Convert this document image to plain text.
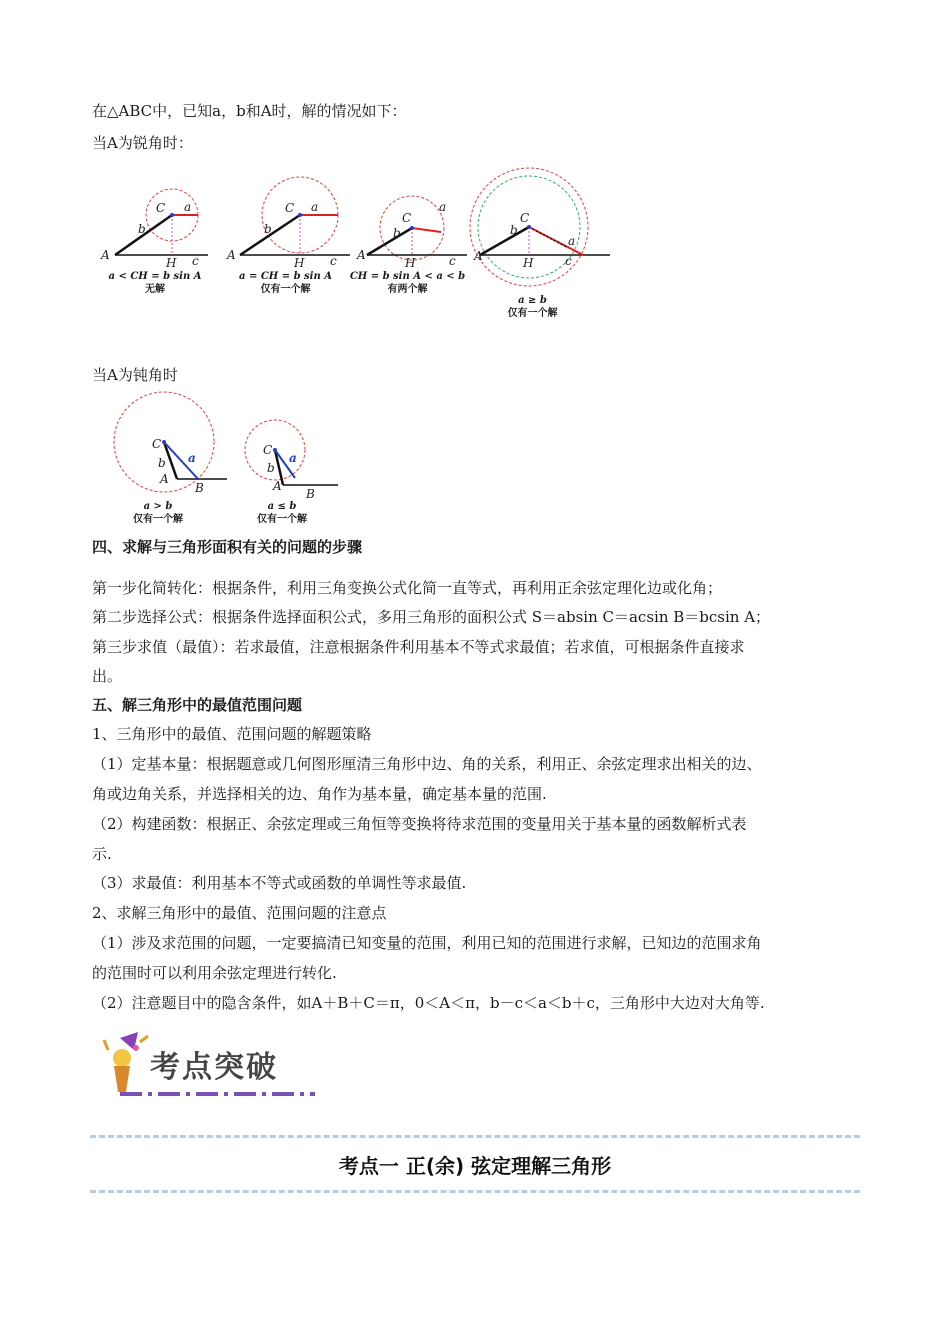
在△ABC中，已知a，b和A时，解的情况如下：
当A为锐角时：
C a
b
A
H c
a < CH = b sin A
无解
C a
b
A
H c
a = CH = b sin A
仅有一个解
C
a
b
A
H	c
CH = b sin A < a < b
有两个解
C
a
b
A	H	c
a ≥ b
仅有一个解
当A为钝角时
C
a
b
A
B
a > b
仅有一个解
C
a
b
A
B
a ≤ b
仅有一个解
四、求解与三角形面积有关的问题的步骤
第一步化简转化：根据条件，利用三角变换公式化简一直等式，再利用正余弦定理化边或化角；
第二步选择公式：根据条件选择面积公式，多用三角形的面积公式 S＝absin C＝acsin B＝bcsin A；
第三步求值（最值）：若求最值，注意根据条件利用基本不等式求最值；若求值，可根据条件直接求
出。
五、解三角形中的最值范围问题
1、三角形中的最值、范围问题的解题策略
（1）定基本量：根据题意或几何图形厘清三角形中边、角的关系，利用正、余弦定理求出相关的边、
角或边角关系，并选择相关的边、角作为基本量，确定基本量的范围.
（2）构建函数：根据正、余弦定理或三角恒等变换将待求范围的变量用关于基本量的函数解析式表
示.
（3）求最值：利用基本不等式或函数的单调性等求最值.
2、求解三角形中的最值、范围问题的注意点
（1）涉及求范围的问题，一定要搞清已知变量的范围，利用已知的范围进行求解，已知边的范围求角
的范围时可以利用余弦定理进行转化.
（2）注意题目中的隐含条件，如A＋B＋C＝π，0＜A＜π，b－c＜a＜b＋c，三角形中大边对大角等.
考点突破
考点一 正(余) 弦定理解三角形
